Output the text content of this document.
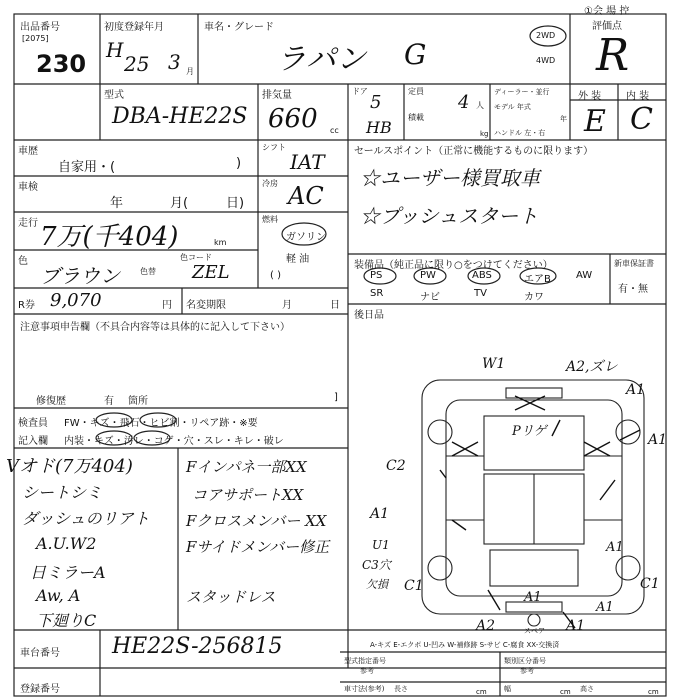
出品番号
[2075]
230
初度登録年月
H
25 3 月
車名・グレード
ラパン G
2WD
4WD
①会 場 控
評価点
R
型式
DBA-HE22S
排気量
660 cc
ドア
5
HB
定員
4 人
積載
kg
ディーラー・並行
モデル 年式
年
ハンドル 左・右
外 装 内 装
E C
車歴
自家用・(	)
車検
年	月(	日)
走行 7万(千404)	km
色
ブラウン	色替
色コード
ZEL
R券 9,070	円 名変期限	月	日
シフト
IAT
冷房 AC
燃料
ガソリン
軽 油
( )
セールスポイント（正常に機能するものに限ります）
☆ユーザー様買取車
☆プッシュスタート
装備品（純正品に限り○をつけてください）
PS	PW	ABS	エアB	AW
SR	ナビ	TV	カワ
新車保証書
有・無
後日品
注意事項申告欄（不具合内容等は具体的に記入して下さい）
修復歴	有 箇所	]
検査員
記入欄
FW・キズ・飛石・ヒビ割・リペア跡・※要
内装・キズ・汚レ・コゲ・穴・スレ・キレ・破レ
Vオド(7万404)
シートシミ
ダッシュのリアト
A.U.W2
日ミラーA
Aw, A
下廻りC
Fインパネ一部XX
コアサポートXX
Fクロスメンバー XX
Fサイドメンバー修正
スタッドレス
W1	A2,ズレ
A1
A1
Pリゲ
C2
A1
U1
C3穴
欠損 C1	C1
A1
A1
A1
A2	A1
スペア
車台番号 HE22S-256815
登録番号
A-キズ E-エクボ U-凹み W-補修跡 S-サビ C-腐食 XX-交換済
型式指定番号
参考
類別区分番号
参考
車寸法(参考) 長さ	cm 幅	cm 高さ	cm
